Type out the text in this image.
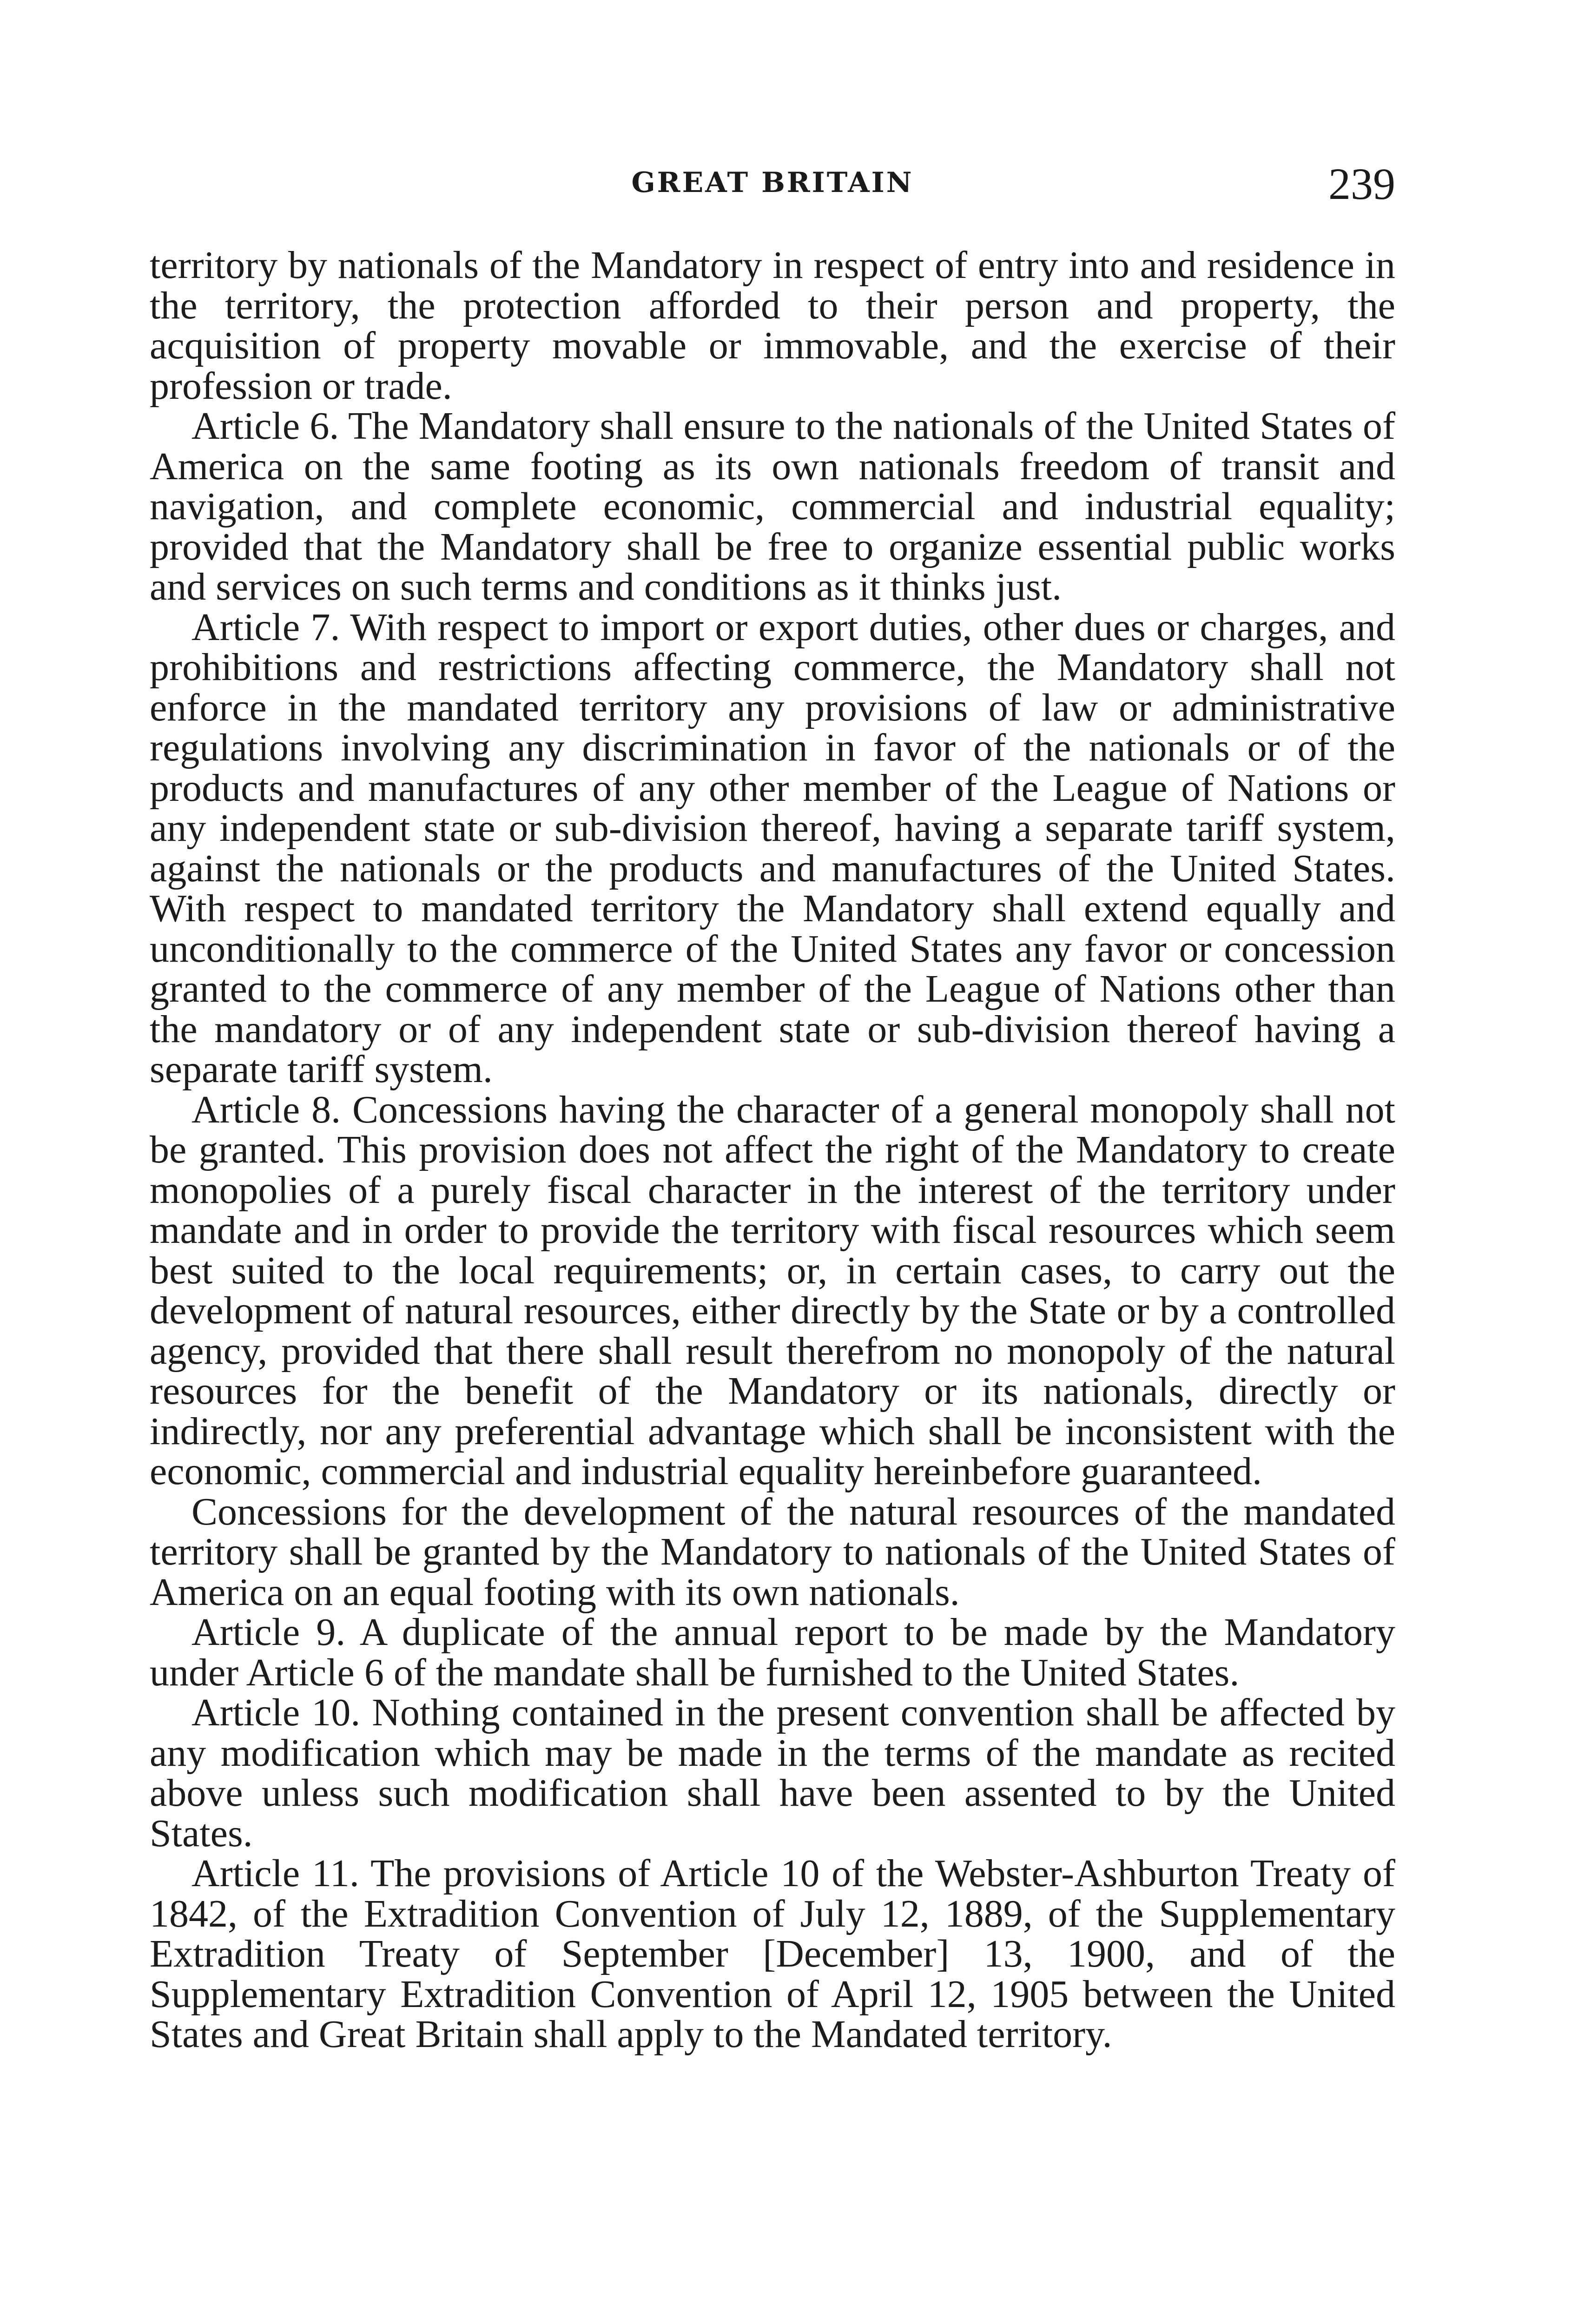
GREAT BRITAIN	239

territory by nationals of the Mandatory in respect of entry into and residence in the territory, the protection afforded to their person and property, the acquisition of property movable or immovable, and the exercise of their profession or trade.

Article 6. The Mandatory shall ensure to the nationals of the United States of America on the same footing as its own nationals freedom of transit and navigation, and complete economic, commercial and industrial equality; provided that the Mandatory shall be free to organize essential public works and services on such terms and conditions as it thinks just.

Article 7. With respect to import or export duties, other dues or charges, and prohibitions and restrictions affecting commerce, the Mandatory shall not enforce in the mandated territory any provisions of law or administrative regulations involving any discrimination in favor of the nationals or of the products and manufactures of any other member of the League of Nations or any independent state or sub-division thereof, having a separate tariff system, against the nationals or the products and manufactures of the United States. With respect to mandated territory the Mandatory shall extend equally and unconditionally to the commerce of the United States any favor or concession granted to the commerce of any member of the League of Nations other than the mandatory or of any independent state or sub-division thereof having a separate tariff system.

Article 8. Concessions having the character of a general monopoly shall not be granted. This provision does not affect the right of the Mandatory to create monopolies of a purely fiscal character in the interest of the territory under mandate and in order to provide the territory with fiscal resources which seem best suited to the local requirements; or, in certain cases, to carry out the development of natural resources, either directly by the State or by a controlled agency, provided that there shall result therefrom no monopoly of the natural resources for the benefit of the Mandatory or its nationals, directly or indirectly, nor any preferential advantage which shall be inconsistent with the economic, commercial and industrial equality hereinbefore guaranteed.

Concessions for the development of the natural resources of the mandated territory shall be granted by the Mandatory to nationals of the United States of America on an equal footing with its own nationals.

Article 9. A duplicate of the annual report to be made by the Mandatory under Article 6 of the mandate shall be furnished to the United States.

Article 10. Nothing contained in the present convention shall be affected by any modification which may be made in the terms of the mandate as recited above unless such modification shall have been assented to by the United States.

Article 11. The provisions of Article 10 of the Webster-Ashburton Treaty of 1842, of the Extradition Convention of July 12, 1889, of the Supplementary Extradition Treaty of September [December] 13, 1900, and of the Supplementary Extradition Convention of April 12, 1905 between the United States and Great Britain shall apply to the Mandated territory.
